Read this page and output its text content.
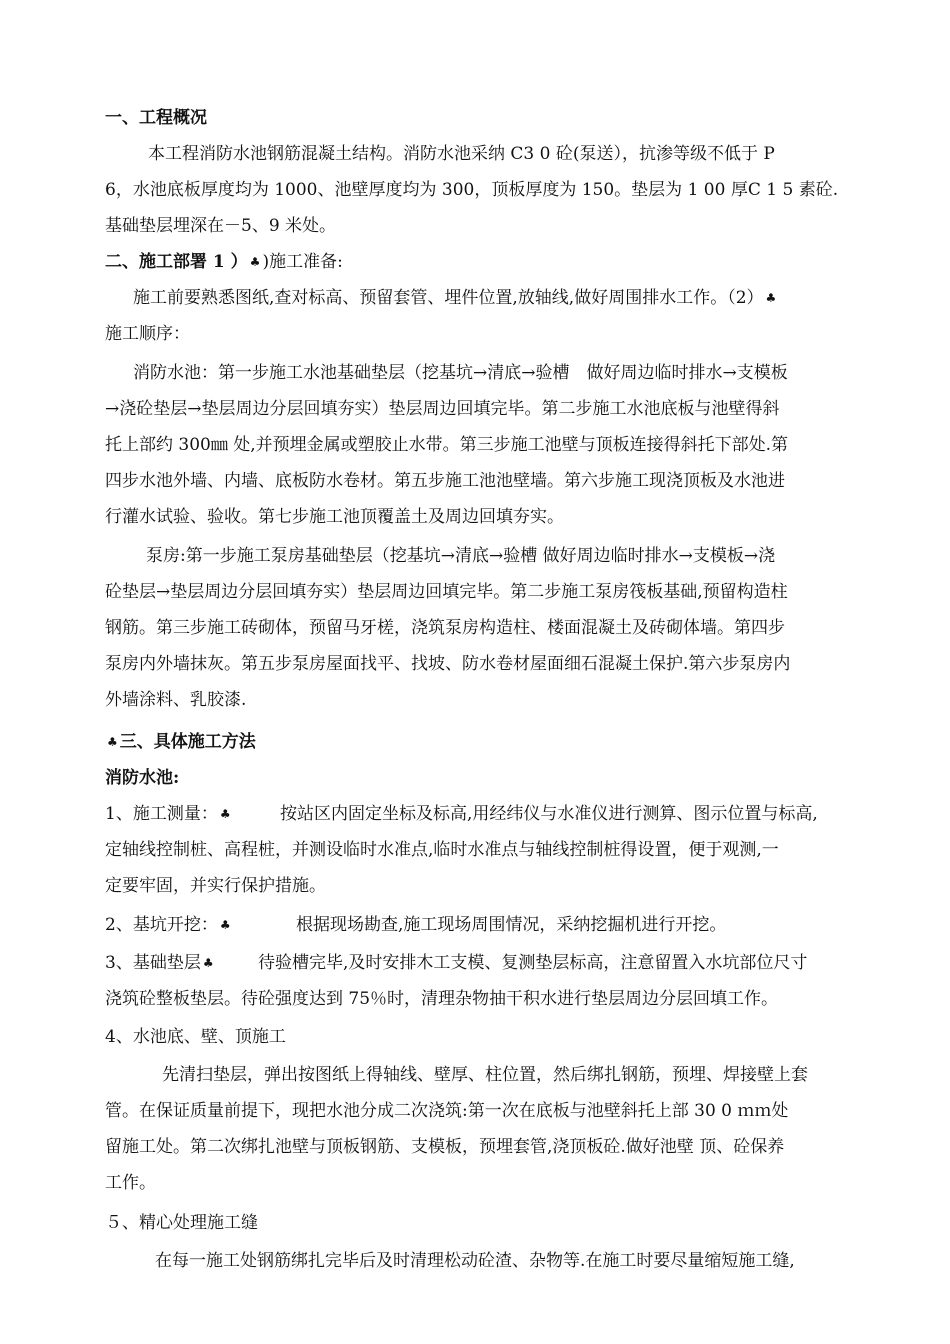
一、工程概况
本工程消防水池钢筋混凝土结构。消防水池采纳 C3 0 砼(泵送），抗渗等级不低于 P
6，水池底板厚度均为 1000、池壁厚度均为 300，顶板厚度为 150。垫层为 1 00 厚C 1 5 素砼.
基础垫层埋深在－5、9 米处。
二、施工部署 1 ） ♣ )施工准备:
施工前要熟悉图纸,查对标高、预留套管、埋件位置,放轴线,做好周围排水工作。（2） ♣
施工顺序：
消防水池：第一步施工水池基础垫层（挖基坑→清底→验槽　做好周边临时排水→支模板
→浇砼垫层→垫层周边分层回填夯实）垫层周边回填完毕。第二步施工水池底板与池壁得斜
托上部约 300㎜ 处,并预埋金属或塑胶止水带。第三步施工池壁与顶板连接得斜托下部处.第
四步水池外墙、内墙、底板防水卷材。第五步施工池池壁墙。第六步施工现浇顶板及水池进
行灌水试验、验收。第七步施工池顶覆盖土及周边回填夯实。
泵房:第一步施工泵房基础垫层（挖基坑→清底→验槽 做好周边临时排水→支模板→浇
砼垫层→垫层周边分层回填夯实）垫层周边回填完毕。第二步施工泵房筏板基础,预留构造柱
钢筋。第三步施工砖砌体，预留马牙槎，浇筑泵房构造柱、楼面混凝土及砖砌体墙。第四步
泵房内外墙抹灰。第五步泵房屋面找平、找坡、防水卷材屋面细石混凝土保护.第六步泵房内
外墙涂料、乳胶漆.
♣ 三、具体施工方法
消防水池:
1、施工测量： ♣	按站区内固定坐标及标高,用经纬仪与水准仪进行测算、图示位置与标高,
定轴线控制桩、高程桩，并测设临时水准点,临时水准点与轴线控制桩得设置，便于观测,一
定要牢固，并实行保护措施。
2、基坑开挖： ♣	根据现场勘查,施工现场周围情况，采纳挖掘机进行开挖。
3、基础垫层 ♣	待验槽完毕,及时安排木工支模、复测垫层标高，注意留置入水坑部位尺寸
浇筑砼整板垫层。待砼强度达到 75％时，清理杂物抽干积水进行垫层周边分层回填工作。
4、水池底、壁、顶施工
先清扫垫层，弹出按图纸上得轴线、壁厚、柱位置，然后绑扎钢筋，预埋、焊接壁上套
管。在保证质量前提下，现把水池分成二次浇筑:第一次在底板与池壁斜托上部 30 0 ｍｍ处
留施工处。第二次绑扎池壁与顶板钢筋、支模板，预埋套管,浇顶板砼.做好池壁 顶、砼保养
工作。
５、精心处理施工缝
在每一施工处钢筋绑扎完毕后及时清理松动砼渣、杂物等.在施工时要尽量缩短施工缝,
